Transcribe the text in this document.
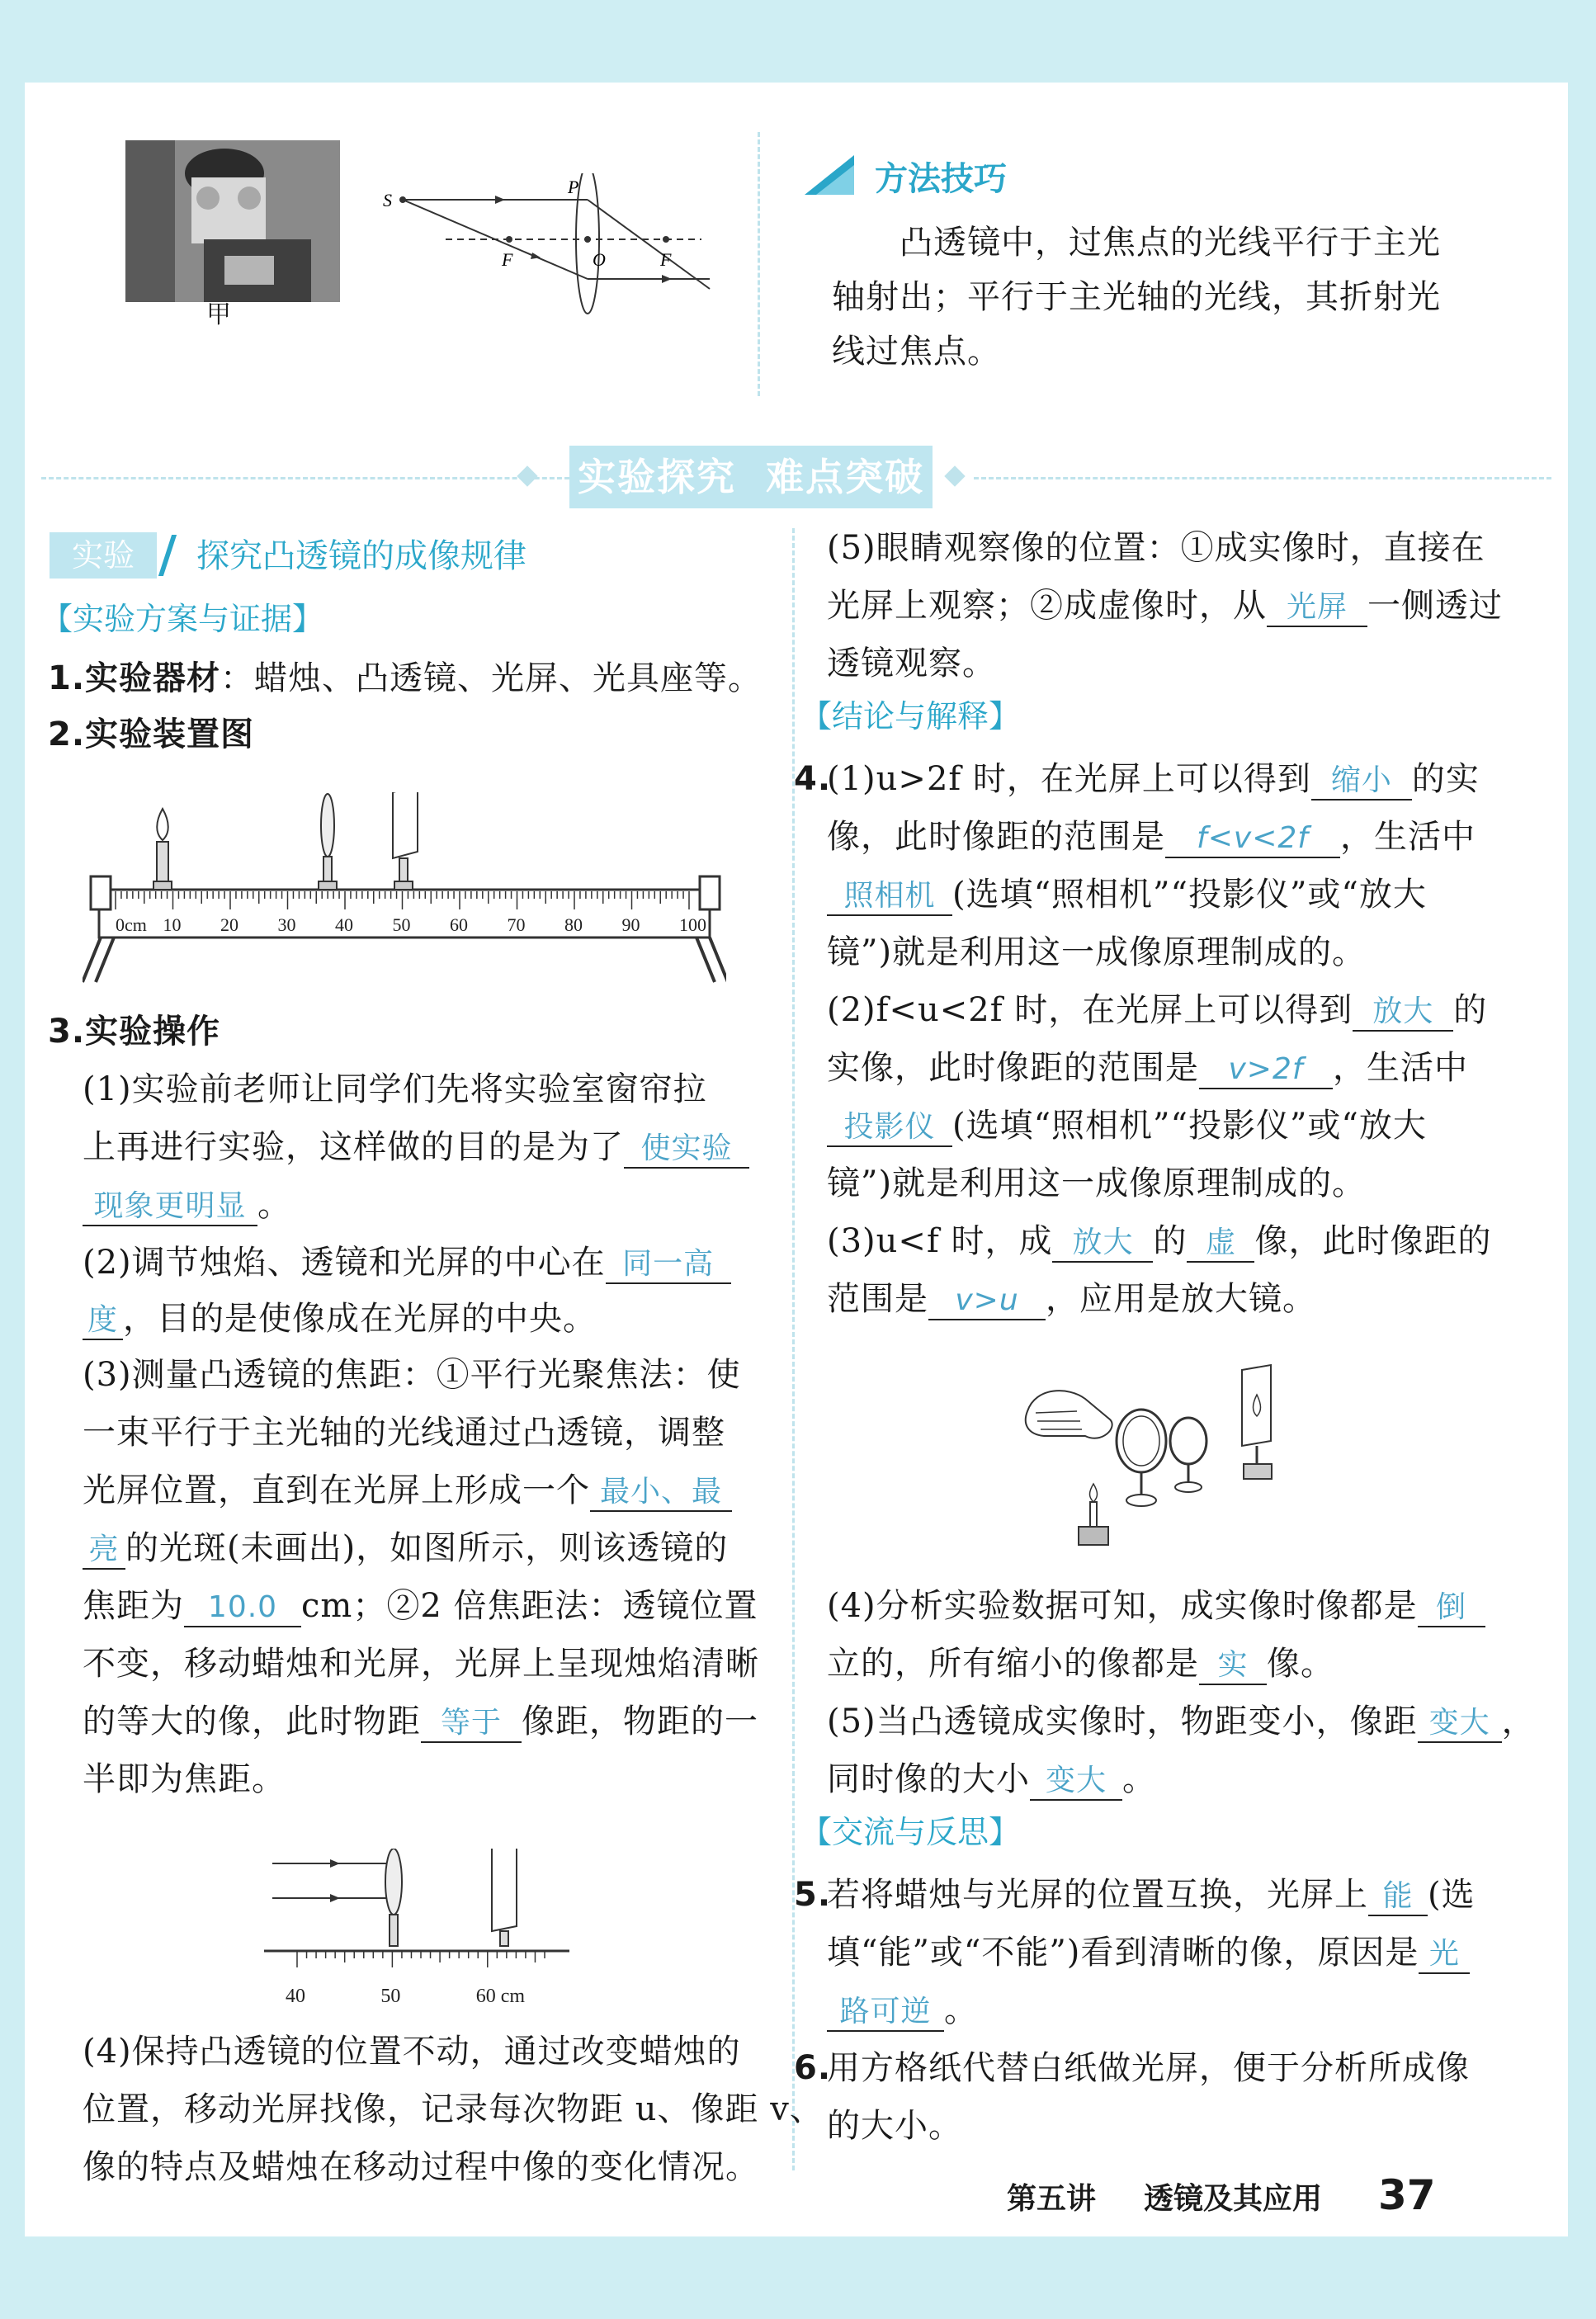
甲
S
P
F	O	F
方法技巧
凸透镜中，过焦点的光线平行于主光
轴射出；平行于主光轴的光线，其折射光
线过焦点。
实验探究  难点突破
实验	探究凸透镜的成像规律
【实验方案与证据】
1.实验器材：蜡烛、凸透镜、光屏、光具座等。
2.实验装置图
0cm 10 20 30 40 50 60 70 80 90 100
3.实验操作
(1)实验前老师让同学们先将实验室窗帘拉
上再进行实验，这样做的目的是为了 使实验
现象更明显 。
(2)调节烛焰、透镜和光屏的中心在 同一高
度 ，目的是使像成在光屏的中央。
(3)测量凸透镜的焦距：①平行光聚焦法：使
一束平行于主光轴的光线通过凸透镜，调整
光屏位置，直到在光屏上形成一个 最小、最
亮 的光斑(未画出)，如图所示，则该透镜的
焦距为 10.0 cm；②2 倍焦距法：透镜位置
不变，移动蜡烛和光屏，光屏上呈现烛焰清晰
的等大的像，此时物距 等于 像距，物距的一
半即为焦距。
40	50	60 cm
(4)保持凸透镜的位置不动，通过改变蜡烛的
位置，移动光屏找像，记录每次物距 u、像距 v、
像的特点及蜡烛在移动过程中像的变化情况。
(5)眼睛观察像的位置：①成实像时，直接在
光屏上观察；②成虚像时，从 光屏 一侧透过
透镜观察。
【结论与解释】
4.
(1)u>2f 时，在光屏上可以得到 缩小 的实
像，此时像距的范围是 f<v<2f ，生活中
照相机 (选填“照相机”“投影仪”或“放大
镜”)就是利用这一成像原理制成的。
(2)f<u<2f 时，在光屏上可以得到 放大 的
实像，此时像距的范围是 v>2f ，生活中
投影仪 (选填“照相机”“投影仪”或“放大
镜”)就是利用这一成像原理制成的。
(3)u<f 时，成 放大 的 虚 像，此时像距的
范围是 v>u ，应用是放大镜。
(4)分析实验数据可知，成实像时像都是 倒
立的，所有缩小的像都是 实 像。
(5)当凸透镜成实像时，物距变小，像距 变大 ，
同时像的大小 变大 。
【交流与反思】
5.
若将蜡烛与光屏的位置互换，光屏上 能 (选
填“能”或“不能”)看到清晰的像，原因是 光
路可逆 。
6.
用方格纸代替白纸做光屏，便于分析所成像
的大小。
第五讲 透镜及其应用 37
